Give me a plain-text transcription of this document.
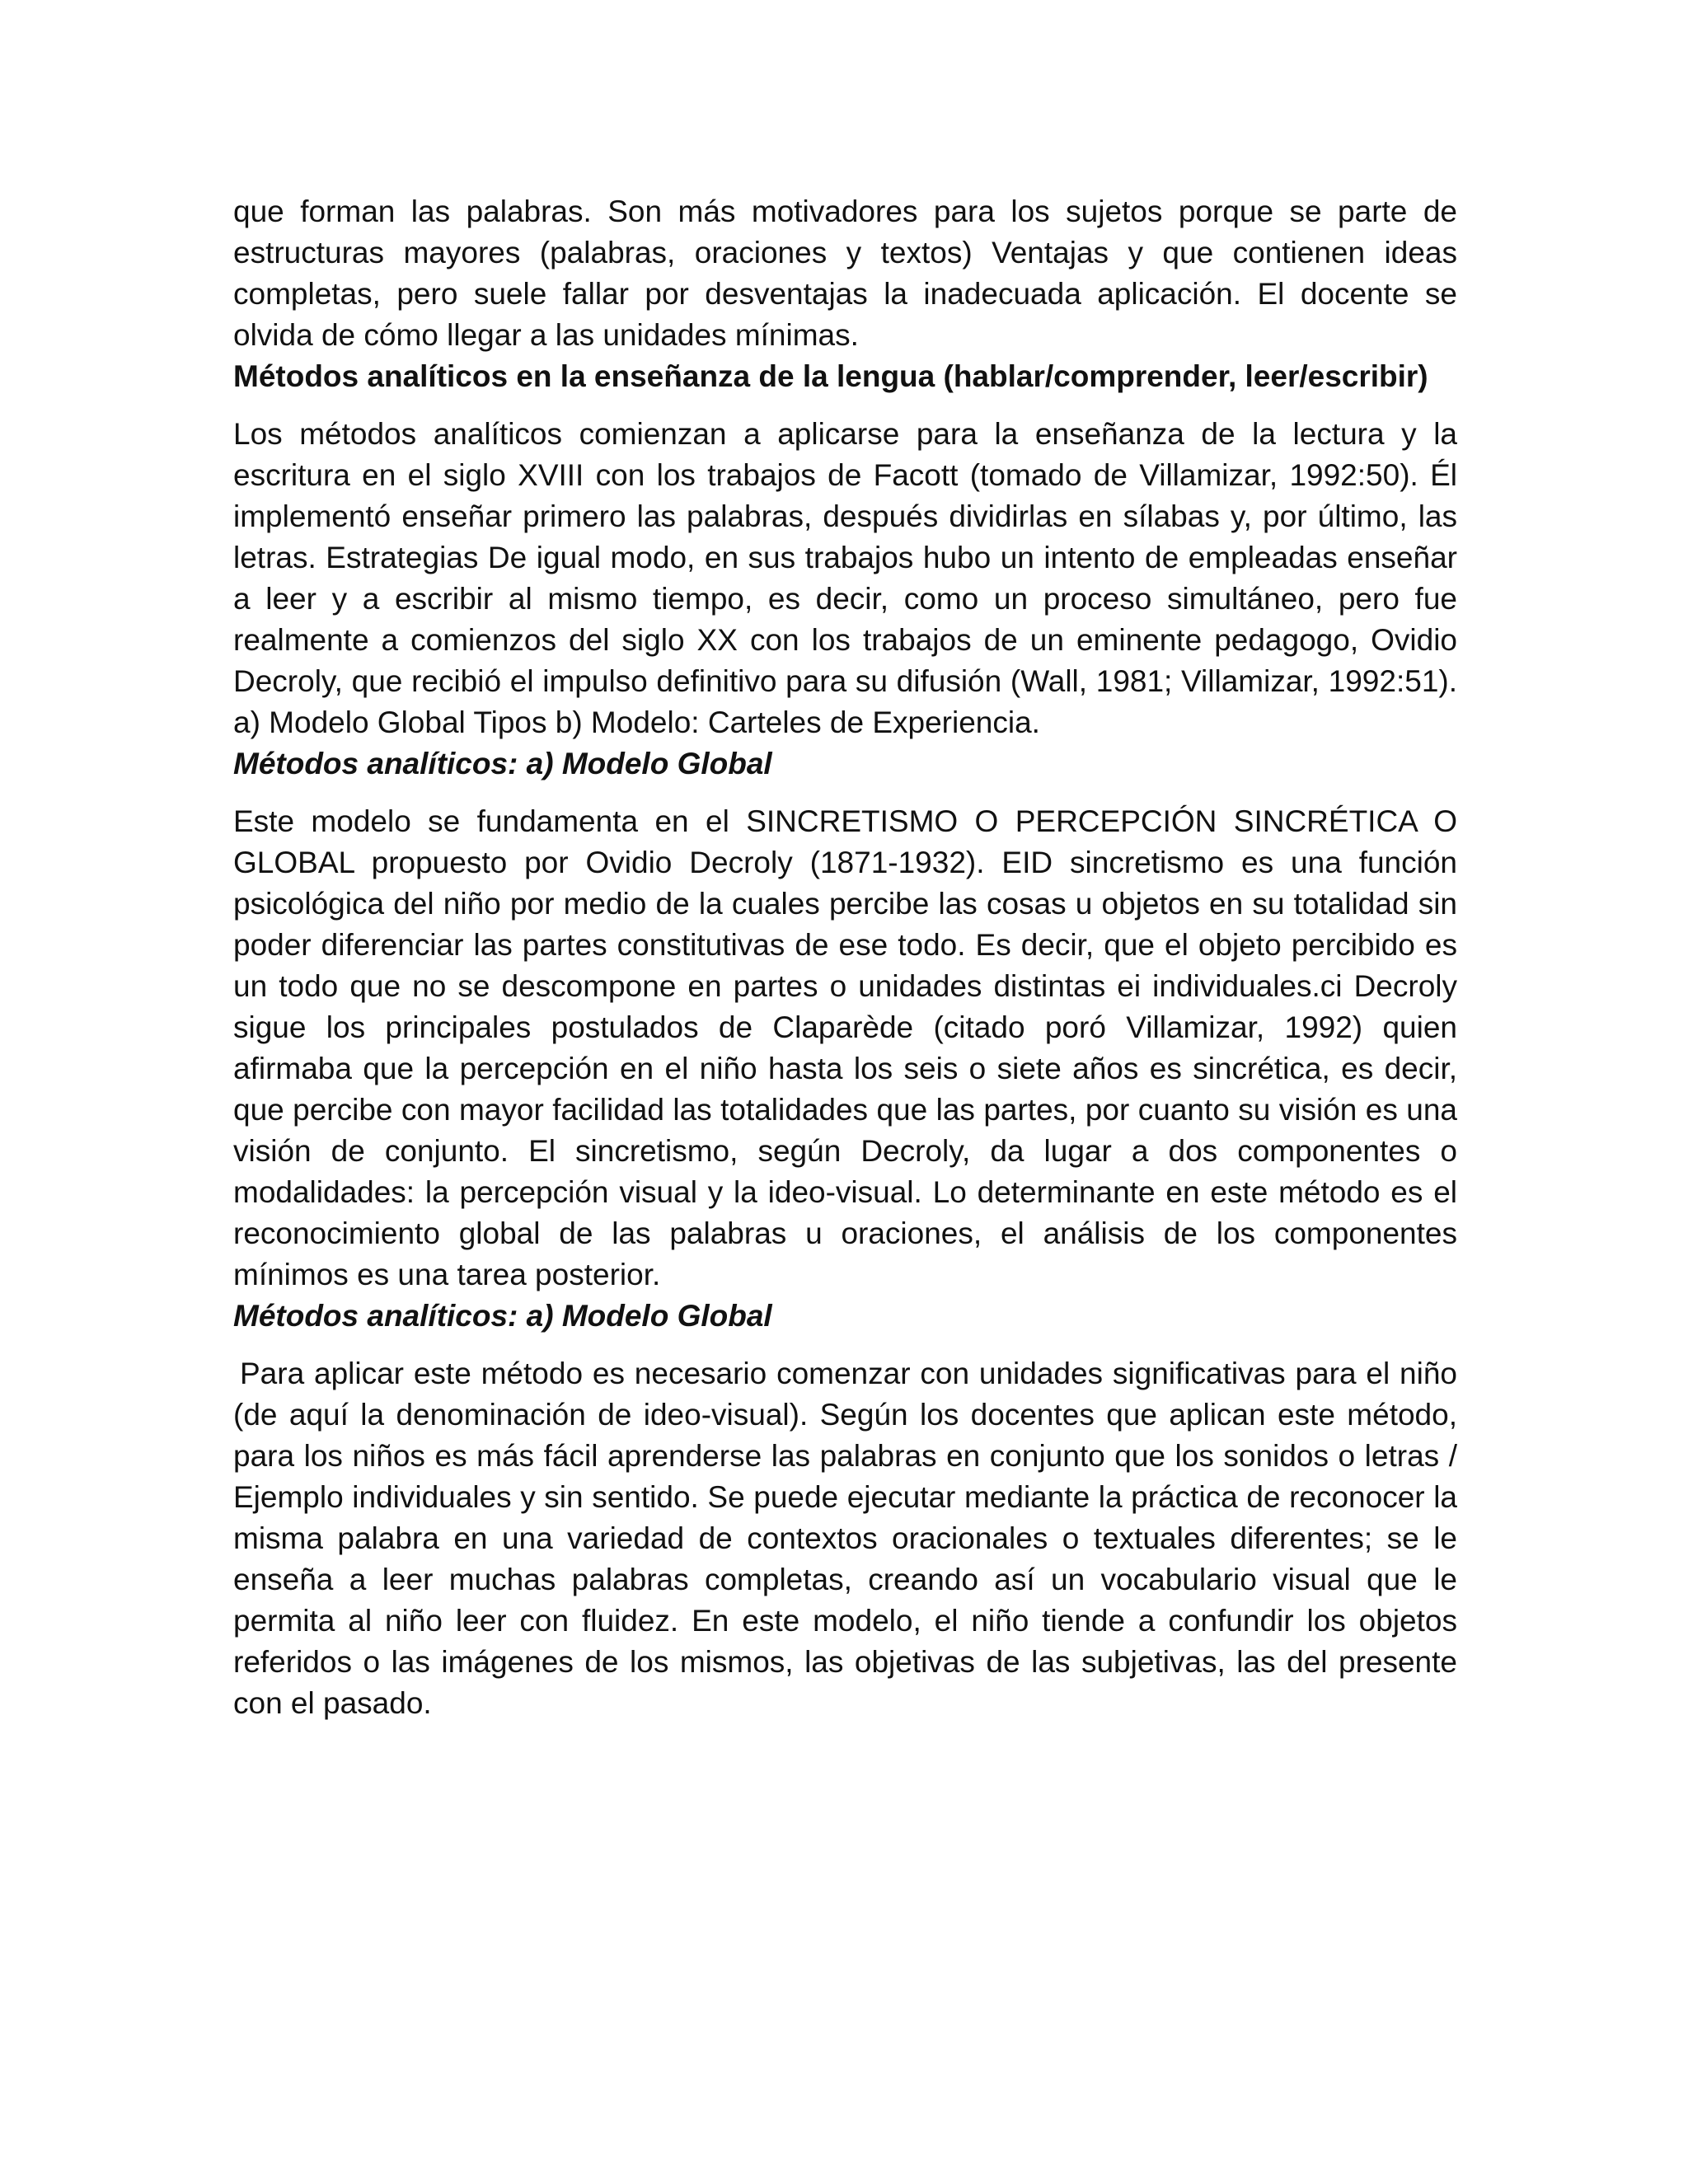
que forman las palabras. Son más motivadores para los sujetos porque se parte de estructuras mayores (palabras, oraciones y textos) Ventajas y que contienen ideas completas, pero suele fallar por desventajas la inadecuada aplicación. El docente se olvida de cómo llegar a las unidades mínimas.

Métodos analíticos en la enseñanza de la lengua (hablar/comprender, leer/escribir)

Los métodos analíticos comienzan a aplicarse para la enseñanza de la lectura y la escritura en el siglo XVIII con los trabajos de Facott (tomado de Villamizar, 1992:50). Él implementó enseñar primero las palabras, después dividirlas en sílabas y, por último, las letras. Estrategias De igual modo, en sus trabajos hubo un intento de empleadas enseñar a leer y a escribir al mismo tiempo, es decir, como un proceso simultáneo, pero fue realmente a comienzos del siglo XX con los trabajos de un eminente pedagogo, Ovidio Decroly, que recibió el impulso definitivo para su difusión (Wall, 1981; Villamizar, 1992:51). a) Modelo Global Tipos b) Modelo: Carteles de Experiencia.

Métodos analíticos: a) Modelo Global

Este modelo se fundamenta en el SINCRETISMO O PERCEPCIÓN SINCRÉTICA O GLOBAL propuesto por Ovidio Decroly (1871-1932). EID sincretismo es una función psicológica del niño por medio de la cuales percibe las cosas u objetos en su totalidad sin poder diferenciar las partes constitutivas de ese todo. Es decir, que el objeto percibido es un todo que no se descompone en partes o unidades distintas ei individuales.ci Decroly sigue los principales postulados de Claparède (citado poró Villamizar, 1992) quien afirmaba que la percepción en el niño hasta los seis o siete años es sincrética, es decir, que percibe con mayor facilidad las totalidades que las partes, por cuanto su visión es una visión de conjunto. El sincretismo, según Decroly, da lugar a dos componentes o modalidades: la percepción visual y la ideo-visual. Lo determinante en este método es el reconocimiento global de las palabras u oraciones, el análisis de los componentes mínimos es una tarea posterior.

Métodos analíticos: a) Modelo Global

Para aplicar este método es necesario comenzar con unidades significativas para el niño (de aquí la denominación de ideo-visual). Según los docentes que aplican este método, para los niños es más fácil aprenderse las palabras en conjunto que los sonidos o letras / Ejemplo individuales y sin sentido. Se puede ejecutar mediante la práctica de reconocer la misma palabra en una variedad de contextos oracionales o textuales diferentes; se le enseña a leer muchas palabras completas, creando así un vocabulario visual que le permita al niño leer con fluidez. En este modelo, el niño tiende a confundir los objetos referidos o las imágenes de los mismos, las objetivas de las subjetivas, las del presente con el pasado.
